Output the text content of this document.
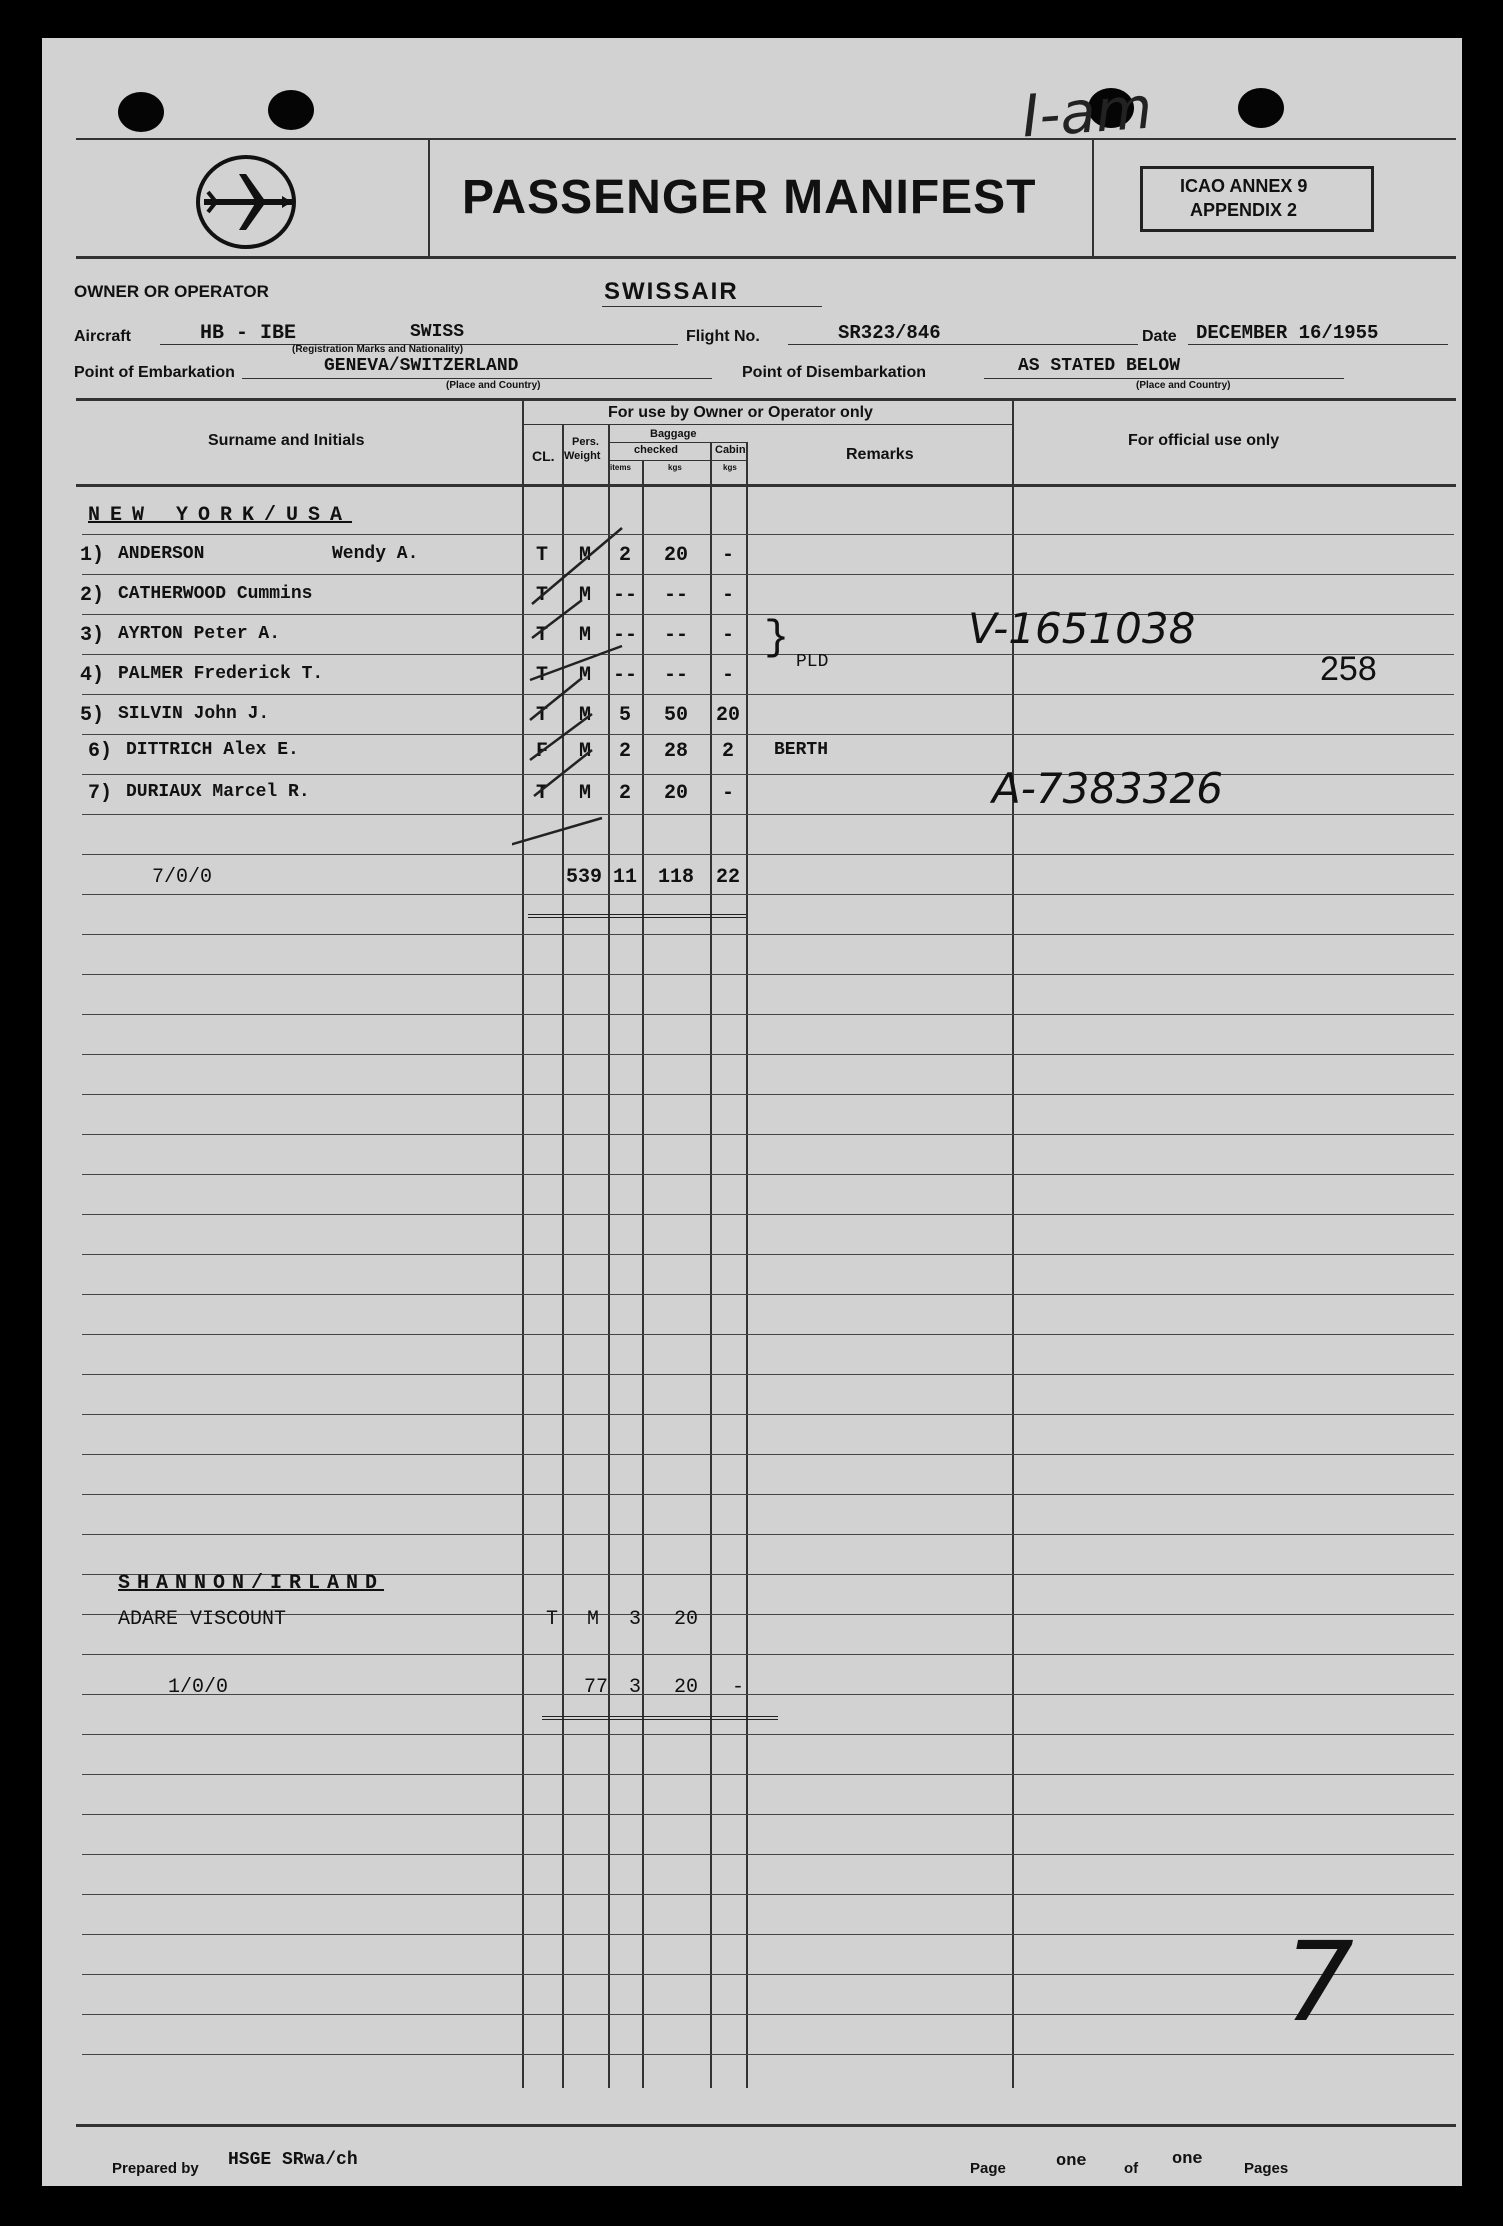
I-am
PASSENGER MANIFEST	ICAO ANNEX 9
APPENDIX 2
OWNER OR OPERATOR	SWISSAIR
Aircraft	HB - IBE	SWISS
(Registration Marks and Nationality)
Flight No.	SR323/846	Date DECEMBER 16/1955
Point of Embarkation	GENEVA/SWITZERLAND
(Place and Country)
Point of Disembarkation	AS STATED BELOW
(Place and Country)
Surname and Initials
For use by Owner or Operator only
CL.
Pers.
Weight
Baggage
checked	Cabin
items	kgs	kgs
Remarks
For official use only
NEW YORK/USA
1) ANDERSON	Wendy A.	T	M	2	20	-
2) CATHERWOOD Cummins	T	M	--	--	-
3) AYRTON Peter A.	T	M	--	--	-	V-1651038
4) PALMER Frederick T.	T	M	--	--	-
PLD	258
5) SILVIN John J.	T	M	5	50	20
6) DITTRICH Alex E.	F	M	2	28	2	BERTH
7) DURIAUX Marcel R.	T	M	2	20	-	A-7383326
}
7/0/0	539 11	118	22
SHANNON/IRLAND
ADARE VISCOUNT	T	M	3	20
1/0/0	77	3	20	-
7
Prepared by HSGE SRwa/ch	Page	one of one	Pages
